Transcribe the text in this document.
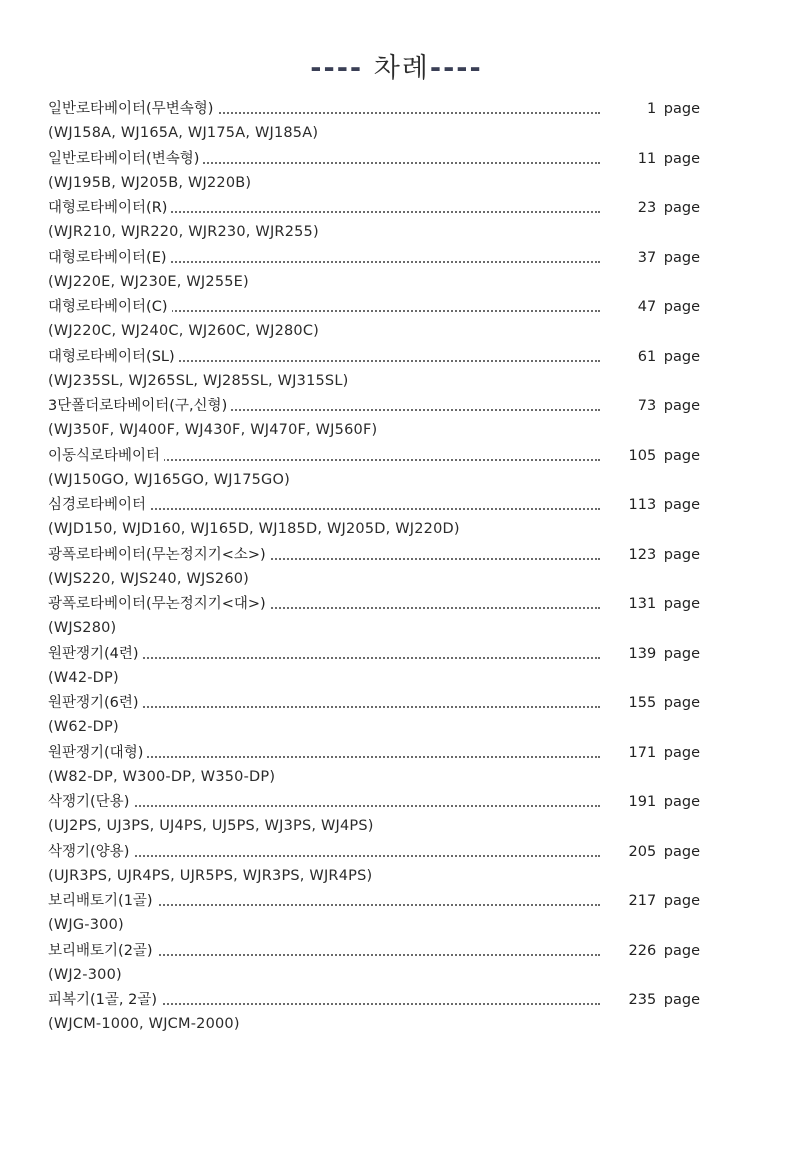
---- 차례----
일반로타베이터(무변속형)	1 page
(WJ158A, WJ165A, WJ175A, WJ185A)
일반로타베이터(변속형)	11 page
(WJ195B, WJ205B, WJ220B)
대형로타베이터(R)	23 page
(WJR210, WJR220, WJR230, WJR255)
대형로타베이터(E)	37 page
(WJ220E, WJ230E, WJ255E)
대형로타베이터(C)	47 page
(WJ220C, WJ240C, WJ260C, WJ280C)
대형로타베이터(SL)	61 page
(WJ235SL, WJ265SL, WJ285SL, WJ315SL)
3단폴더로타베이터(구,신형)	73 page
(WJ350F, WJ400F, WJ430F, WJ470F, WJ560F)
이동식로타베이터	105 page
(WJ150GO, WJ165GO, WJ175GO)
심경로타베이터	113 page
(WJD150, WJD160, WJ165D, WJ185D, WJ205D, WJ220D)
광폭로타베이터(무논정지기<소>)	123 page
(WJS220, WJS240, WJS260)
광폭로타베이터(무논정지기<대>)	131 page
(WJS280)
원판쟁기(4련)	139 page
(W42-DP)
원판쟁기(6련)	155 page
(W62-DP)
원판쟁기(대형)	171 page
(W82-DP, W300-DP, W350-DP)
삭쟁기(단용)	191 page
(UJ2PS, UJ3PS, UJ4PS, UJ5PS, WJ3PS, WJ4PS)
삭쟁기(양용)	205 page
(UJR3PS, UJR4PS, UJR5PS, WJR3PS, WJR4PS)
보리배토기(1골)	217 page
(WJG-300)
보리배토기(2골)	226 page
(WJ2-300)
피복기(1골, 2골)	235 page
(WJCM-1000, WJCM-2000)
